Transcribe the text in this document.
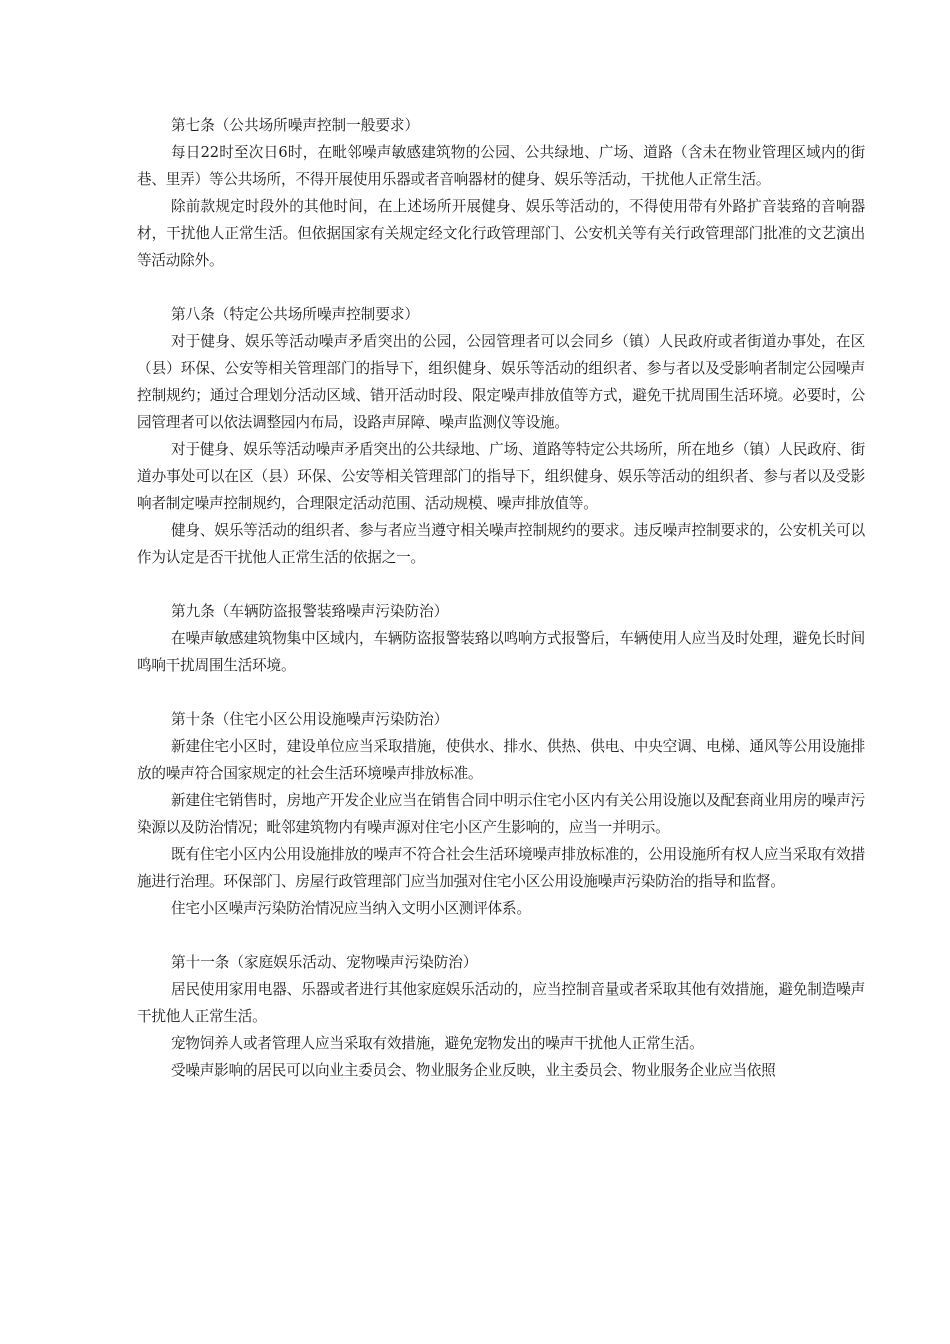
第七条（公共场所噪声控制一般要求）

每日22时至次日6时，在毗邻噪声敏感建筑物的公园、公共绿地、广场、道路（含未在物业管理区域内的街巷、里弄）等公共场所，不得开展使用乐器或者音响器材的健身、娱乐等活动，干扰他人正常生活。

除前款规定时段外的其他时间，在上述场所开展健身、娱乐等活动的，不得使用带有外路扩音装臵的音响器材，干扰他人正常生活。但依据国家有关规定经文化行政管理部门、公安机关等有关行政管理部门批准的文艺演出等活动除外。

第八条（特定公共场所噪声控制要求）

对于健身、娱乐等活动噪声矛盾突出的公园，公园管理者可以会同乡（镇）人民政府或者街道办事处，在区（县）环保、公安等相关管理部门的指导下，组织健身、娱乐等活动的组织者、参与者以及受影响者制定公园噪声控制规约；通过合理划分活动区域、错开活动时段、限定噪声排放值等方式，避免干扰周围生活环境。必要时，公园管理者可以依法调整园内布局，设路声屏障、噪声监测仪等设施。

对于健身、娱乐等活动噪声矛盾突出的公共绿地、广场、道路等特定公共场所，所在地乡（镇）人民政府、街道办事处可以在区（县）环保、公安等相关管理部门的指导下，组织健身、娱乐等活动的组织者、参与者以及受影响者制定噪声控制规约，合理限定活动范围、活动规模、噪声排放值等。

健身、娱乐等活动的组织者、参与者应当遵守相关噪声控制规约的要求。违反噪声控制要求的，公安机关可以作为认定是否干扰他人正常生活的依据之一。

第九条（车辆防盗报警装臵噪声污染防治）

在噪声敏感建筑物集中区域内，车辆防盗报警装臵以鸣响方式报警后，车辆使用人应当及时处理，避免长时间鸣响干扰周围生活环境。

第十条（住宅小区公用设施噪声污染防治）

新建住宅小区时，建设单位应当采取措施，使供水、排水、供热、供电、中央空调、电梯、通风等公用设施排放的噪声符合国家规定的社会生活环境噪声排放标准。

新建住宅销售时，房地产开发企业应当在销售合同中明示住宅小区内有关公用设施以及配套商业用房的噪声污染源以及防治情况；毗邻建筑物内有噪声源对住宅小区产生影响的，应当一并明示。

既有住宅小区内公用设施排放的噪声不符合社会生活环境噪声排放标准的，公用设施所有权人应当采取有效措施进行治理。环保部门、房屋行政管理部门应当加强对住宅小区公用设施噪声污染防治的指导和监督。

住宅小区噪声污染防治情况应当纳入文明小区测评体系。

第十一条（家庭娱乐活动、宠物噪声污染防治）

居民使用家用电器、乐器或者进行其他家庭娱乐活动的，应当控制音量或者采取其他有效措施，避免制造噪声干扰他人正常生活。

宠物饲养人或者管理人应当采取有效措施，避免宠物发出的噪声干扰他人正常生活。

受噪声影响的居民可以向业主委员会、物业服务企业反映，业主委员会、物业服务企业应当依照
